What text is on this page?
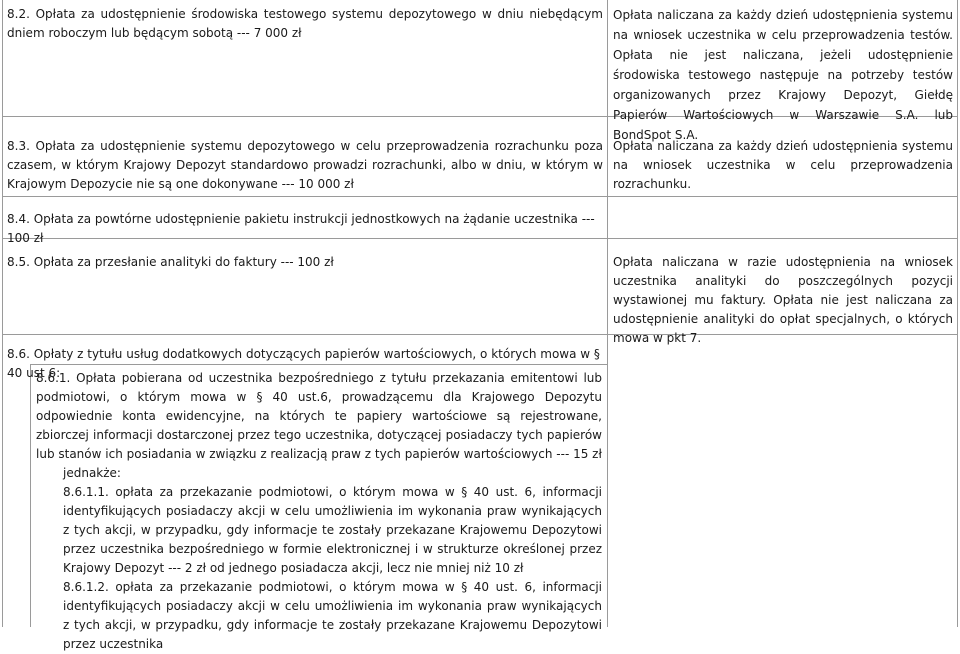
8.2. Opłata za udostępnienie środowiska testowego systemu depozytowego w dniu niebędącym dniem roboczym lub będącym sobotą --- 7 000 zł

Opłata naliczana za każdy dzień udostępnienia systemu na wniosek uczestnika w celu przeprowadzenia testów. Opłata nie jest naliczana, jeżeli udostępnienie środowiska testowego następuje na potrzeby testów organizowanych przez Krajowy Depozyt, Giełdę Papierów Wartościowych w Warszawie S.A. lub BondSpot S.A.

8.3. Opłata za udostępnienie systemu depozytowego w celu przeprowadzenia rozrachunku poza czasem, w którym Krajowy Depozyt standardowo prowadzi rozrachunki, albo w dniu, w którym w Krajowym Depozycie nie są one dokonywane --- 10 000 zł

Opłata naliczana za każdy dzień udostępnienia systemu na wniosek uczestnika w celu przeprowadzenia rozrachunku.

8.4. Opłata za powtórne udostępnienie pakietu instrukcji jednostkowych na żądanie uczestnika --- 100 zł

8.5. Opłata za przesłanie analityki do faktury --- 100 zł	Opłata naliczana w razie udostępnienia na wniosek uczestnika analityki do poszczególnych pozycji wystawionej mu faktury. Opłata nie jest naliczana za udostępnienie analityki do opłat specjalnych, o których mowa w pkt 7.

8.6. Opłaty z tytułu usług dodatkowych dotyczących papierów wartościowych, o których mowa w § 40 ust 6:

8.6.1. Opłata pobierana od uczestnika bezpośredniego z tytułu przekazania emitentowi lub podmiotowi, o którym mowa w § 40 ust.6, prowadzącemu dla Krajowego Depozytu odpowiednie konta ewidencyjne, na których te papiery wartościowe są rejestrowane, zbiorczej informacji dostarczonej przez tego uczestnika, dotyczącej posiadaczy tych papierów lub stanów ich posiadania w związku z realizacją praw z tych papierów wartościowych --- 15 zł

jednakże:

8.6.1.1. opłata za przekazanie podmiotowi, o którym mowa w § 40 ust. 6, informacji identyfikujących posiadaczy akcji w celu umożliwienia im wykonania praw wynikających z tych akcji, w przypadku, gdy informacje te zostały przekazane Krajowemu Depozytowi przez uczestnika bezpośredniego w formie elektronicznej i w strukturze określonej przez Krajowy Depozyt --- 2 zł od jednego posiadacza akcji, lecz nie mniej niż 10 zł

8.6.1.2. opłata za przekazanie podmiotowi, o którym mowa w § 40 ust. 6, informacji identyfikujących posiadaczy akcji w celu umożliwienia im wykonania praw wynikających z tych akcji, w przypadku, gdy informacje te zostały przekazane Krajowemu Depozytowi przez uczestnika
